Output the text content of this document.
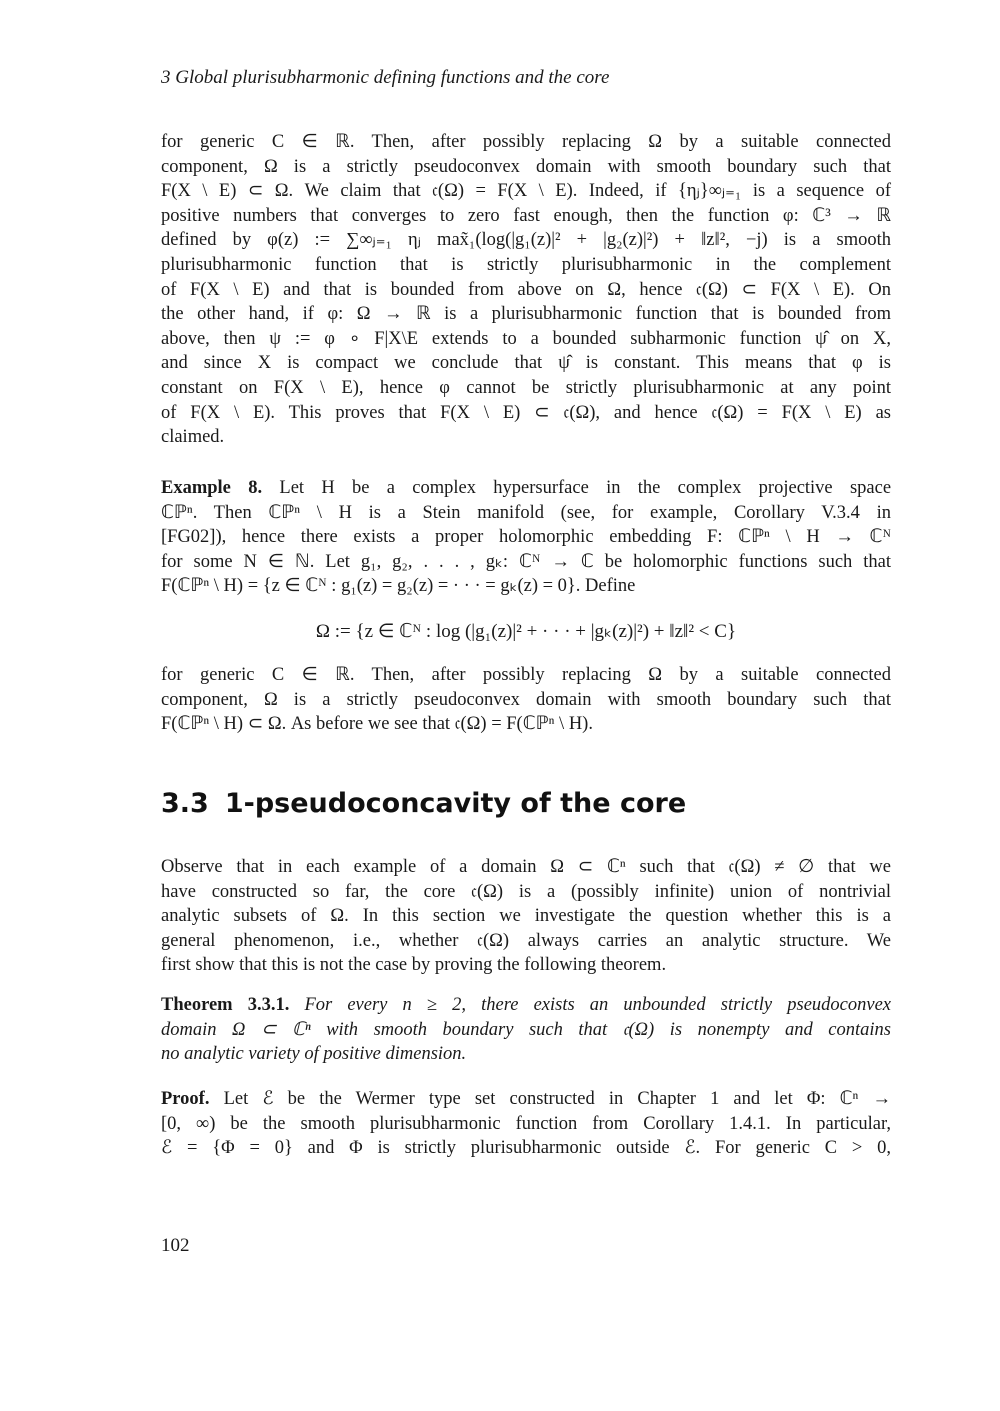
3 Global plurisubharmonic defining functions and the core
for generic C ∈ ℝ. Then, after possibly replacing Ω by a suitable connected
component, Ω is a strictly pseudoconvex domain with smooth boundary such that
F(X \ E) ⊂ Ω. We claim that 𝔠(Ω) = F(X \ E). Indeed, if {ηⱼ}∞ⱼ₌₁ is a sequence of
positive numbers that converges to zero fast enough, then the function φ: ℂ³ → ℝ
defined by φ(z) := ∑∞ⱼ₌₁ ηⱼ max̃₁(log(|g₁(z)|² + |g₂(z)|²) + ‖z‖², −j) is a smooth
plurisubharmonic function that is strictly plurisubharmonic in the complement
of F(X \ E) and that is bounded from above on Ω, hence 𝔠(Ω) ⊂ F(X \ E). On
the other hand, if φ: Ω → ℝ is a plurisubharmonic function that is bounded from
above, then ψ := φ ∘ F|X\E extends to a bounded subharmonic function ψ̂ on X,
and since X is compact we conclude that ψ̂ is constant. This means that φ is
constant on F(X \ E), hence φ cannot be strictly plurisubharmonic at any point
of F(X \ E). This proves that F(X \ E) ⊂ 𝔠(Ω), and hence 𝔠(Ω) = F(X \ E) as
claimed.
Example 8. Let H be a complex hypersurface in the complex projective space
ℂℙⁿ. Then ℂℙⁿ \ H is a Stein manifold (see, for example, Corollary V.3.4 in
[FG02]), hence there exists a proper holomorphic embedding F: ℂℙⁿ \ H → ℂᴺ
for some N ∈ ℕ. Let g₁, g₂, . . . , gₖ: ℂᴺ → ℂ be holomorphic functions such that
F(ℂℙⁿ \ H) = {z ∈ ℂᴺ : g₁(z) = g₂(z) = · · · = gₖ(z) = 0}. Define
Ω := {z ∈ ℂᴺ : log (|g₁(z)|² + · · · + |gₖ(z)|²) + ‖z‖² < C}
for generic C ∈ ℝ. Then, after possibly replacing Ω by a suitable connected
component, Ω is a strictly pseudoconvex domain with smooth boundary such that
F(ℂℙⁿ \ H) ⊂ Ω. As before we see that 𝔠(Ω) = F(ℂℙⁿ \ H).
3.3 1-pseudoconcavity of the core
Observe that in each example of a domain Ω ⊂ ℂⁿ such that 𝔠(Ω) ≠ ∅ that we
have constructed so far, the core 𝔠(Ω) is a (possibly infinite) union of nontrivial
analytic subsets of Ω. In this section we investigate the question whether this is a
general phenomenon, i.e., whether 𝔠(Ω) always carries an analytic structure. We
first show that this is not the case by proving the following theorem.
Theorem 3.3.1. For every n ≥ 2, there exists an unbounded strictly pseudoconvex
domain Ω ⊂ ℂⁿ with smooth boundary such that 𝔠(Ω) is nonempty and contains
no analytic variety of positive dimension.
Proof. Let ℰ be the Wermer type set constructed in Chapter 1 and let Φ: ℂⁿ →
[0, ∞) be the smooth plurisubharmonic function from Corollary 1.4.1. In particular,
ℰ = {Φ = 0} and Φ is strictly plurisubharmonic outside ℰ. For generic C > 0,
102
